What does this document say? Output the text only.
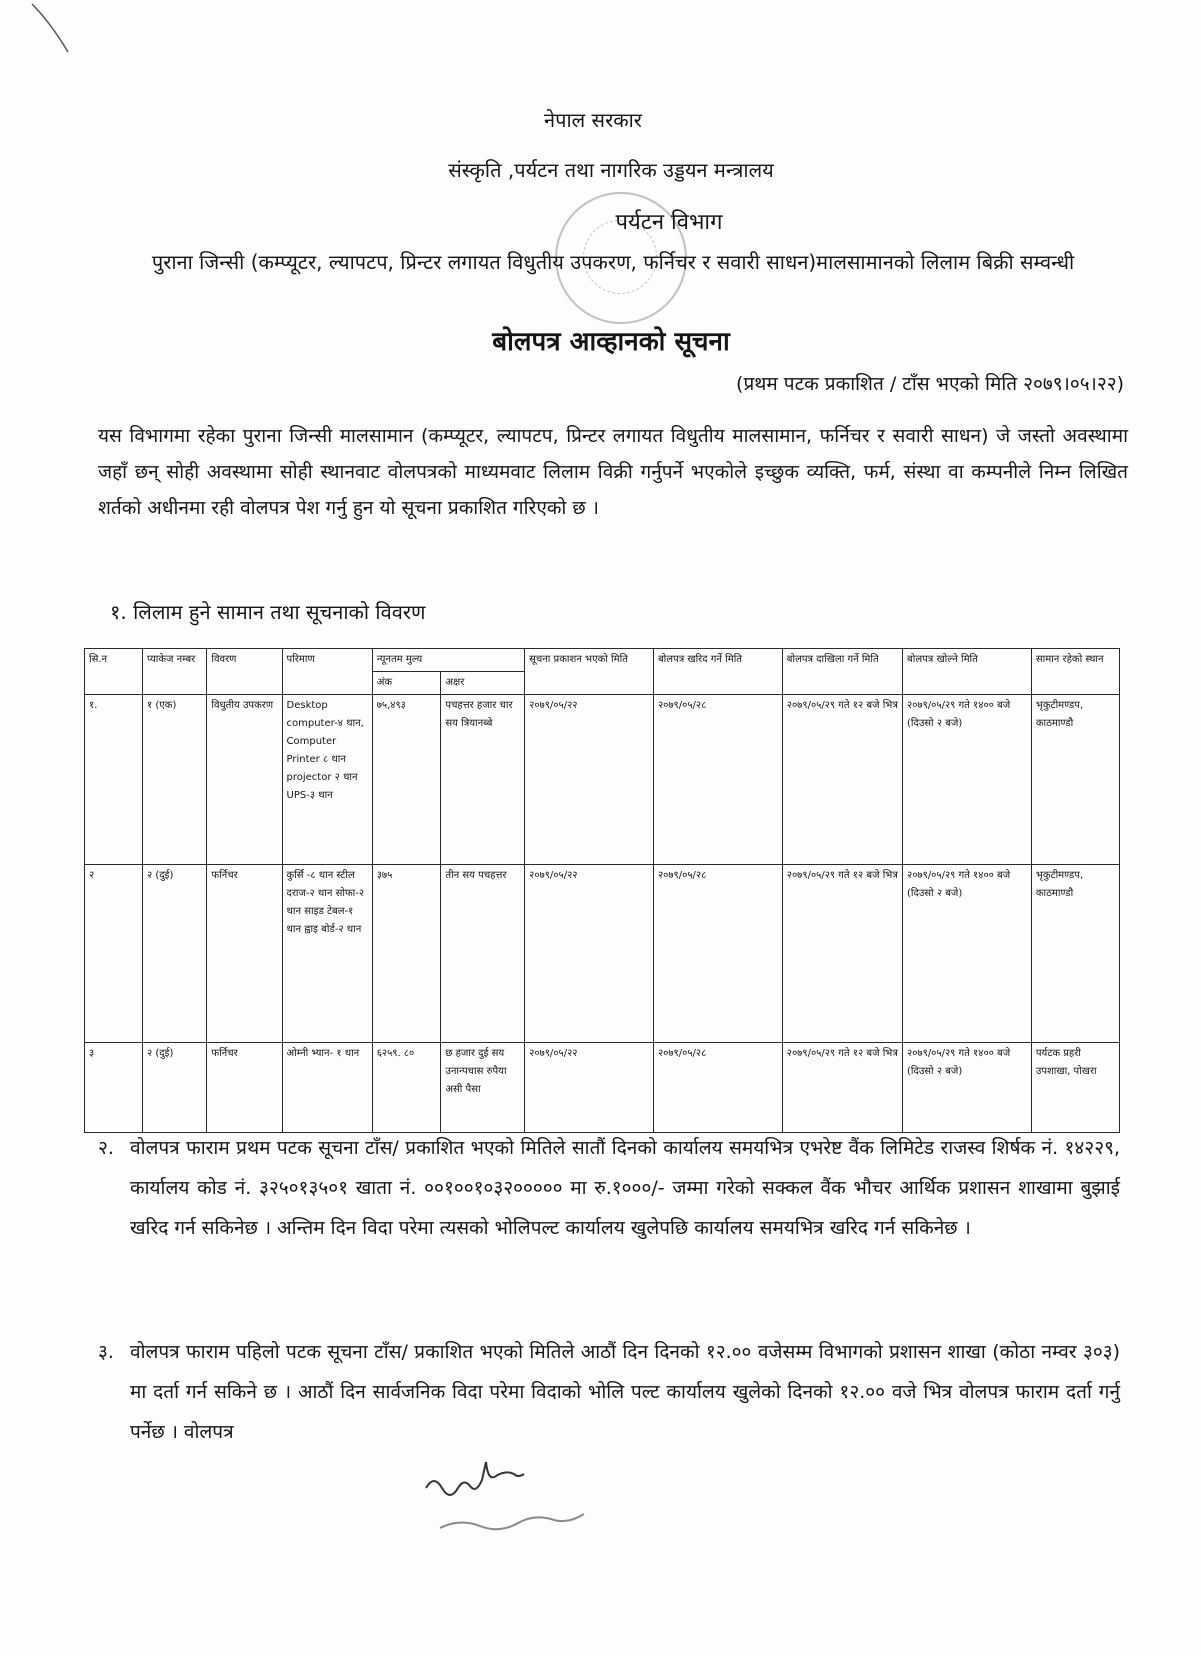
नेपाल सरकार
संस्कृति ,पर्यटन तथा नागरिक उड्डयन मन्त्रालय
पर्यटन विभाग
पुराना जिन्सी (कम्प्यूटर, ल्यापटप, प्रिन्टर लगायत विधुतीय उपकरण, फर्निचर र सवारी साधन)मालसामानको लिलाम बिक्री सम्वन्धी
बोलपत्र आव्हानको सूचना
(प्रथम पटक प्रकाशित / टाँस भएको मिति २०७९।०५।२२)
यस विभागमा रहेका पुराना जिन्सी मालसामान (कम्प्यूटर, ल्यापटप, प्रिन्टर लगायत विधुतीय मालसामान, फर्निचर र सवारी साधन) जे जस्तो अवस्थामा जहाँ छन् सोही अवस्थामा सोही स्थानवाट वोलपत्रको माध्यमवाट लिलाम विक्री गर्नुपर्ने भएकोले इच्छुक व्यक्ति, फर्म, संस्था वा कम्पनीले निम्न लिखित शर्तको अधीनमा रही वोलपत्र पेश गर्नु हुन यो सूचना प्रकाशित गरिएको छ ।
१. लिलाम हुने सामान तथा सूचनाको विवरण
सि.न	प्याकेज नम्बर	विवरण	परिमाण	न्यूनतम मुल्य		सूचना प्रकाशन भएको मिति	बोलपत्र खरिद गर्ने मिति	बोलपत्र दाखिला गर्ने मिति	बोलपत्र खोल्ने मिति	सामान रहेको स्थान
				अंक	अक्षर					
१.	१ (एक)	विधुतीय उपकरण	Desktop computer-४ थान, Computer Printer ८ थान projector २ थान UPS-३ थान	७५,४९३	पचहत्तर हजार चार सय त्रियानब्बे	२०७९/०५/२२	२०७९/०५/२८	२०७९/०५/२९ गते १२ बजे भित्र	२०७९/०५/२९ गते १४०० बजे (दिउसो २ बजे)	भृकुटीमण्डप, काठमाण्डौ
२	२ (दुई)	फर्निचर	कुर्सि -८ थान स्टील दराज-२ थान सोफा-२ थान साइड टेबल-१ थान ह्वाइ बोर्ड-२ थान	३७५	तीन सय पचहत्तर	२०७९/०५/२२	२०७९/०५/२८	२०७९/०५/२९ गते १२ बजे भित्र	२०७९/०५/२९ गते १४०० बजे (दिउसो २ बजे)	भृकुटीमण्डप, काठमाण्डौ
३	२ (दुई)	फर्निचर	ओम्नी भ्यान- १ थान	६२५९. ८०	छ हजार दुई सय उनान्पचास रुपैया असी पैसा	२०७९/०५/२२	२०७९/०५/२८	२०७९/०५/२९ गते १२ बजे भित्र	२०७९/०५/२९ गते १४०० बजे (दिउसो २ बजे)	पर्यटक प्रहरी उपशाखा, पोखरा
२. वोलपत्र फाराम प्रथम पटक सूचना टाँस/ प्रकाशित भएको मितिले सातौं दिनको कार्यालय समयभित्र एभरेष्ट वैंक लिमिटेड राजस्व शिर्षक नं. १४२२९, कार्यालय कोड नं. ३२५०१३५०१ खाता नं. ००१००१०३२००००० मा रु.१०००/- जम्मा गरेको सक्कल वैंक भौचर आर्थिक प्रशासन शाखामा बुझाई खरिद गर्न सकिनेछ । अन्तिम दिन विदा परेमा त्यसको भोलिपल्ट कार्यालय खुलेपछि कार्यालय समयभित्र खरिद गर्न सकिनेछ ।
३. वोलपत्र फाराम पहिलो पटक सूचना टाँस/ प्रकाशित भएको मितिले आठौं दिन दिनको १२.०० वजेसम्म विभागको प्रशासन शाखा (कोठा नम्वर ३०३) मा दर्ता गर्न सकिने छ । आठौं दिन सार्वजनिक विदा परेमा विदाको भोलि पल्ट कार्यालय खुलेको दिनको १२.०० वजे भित्र वोलपत्र फाराम दर्ता गर्नु पर्नेछ । वोलपत्र
